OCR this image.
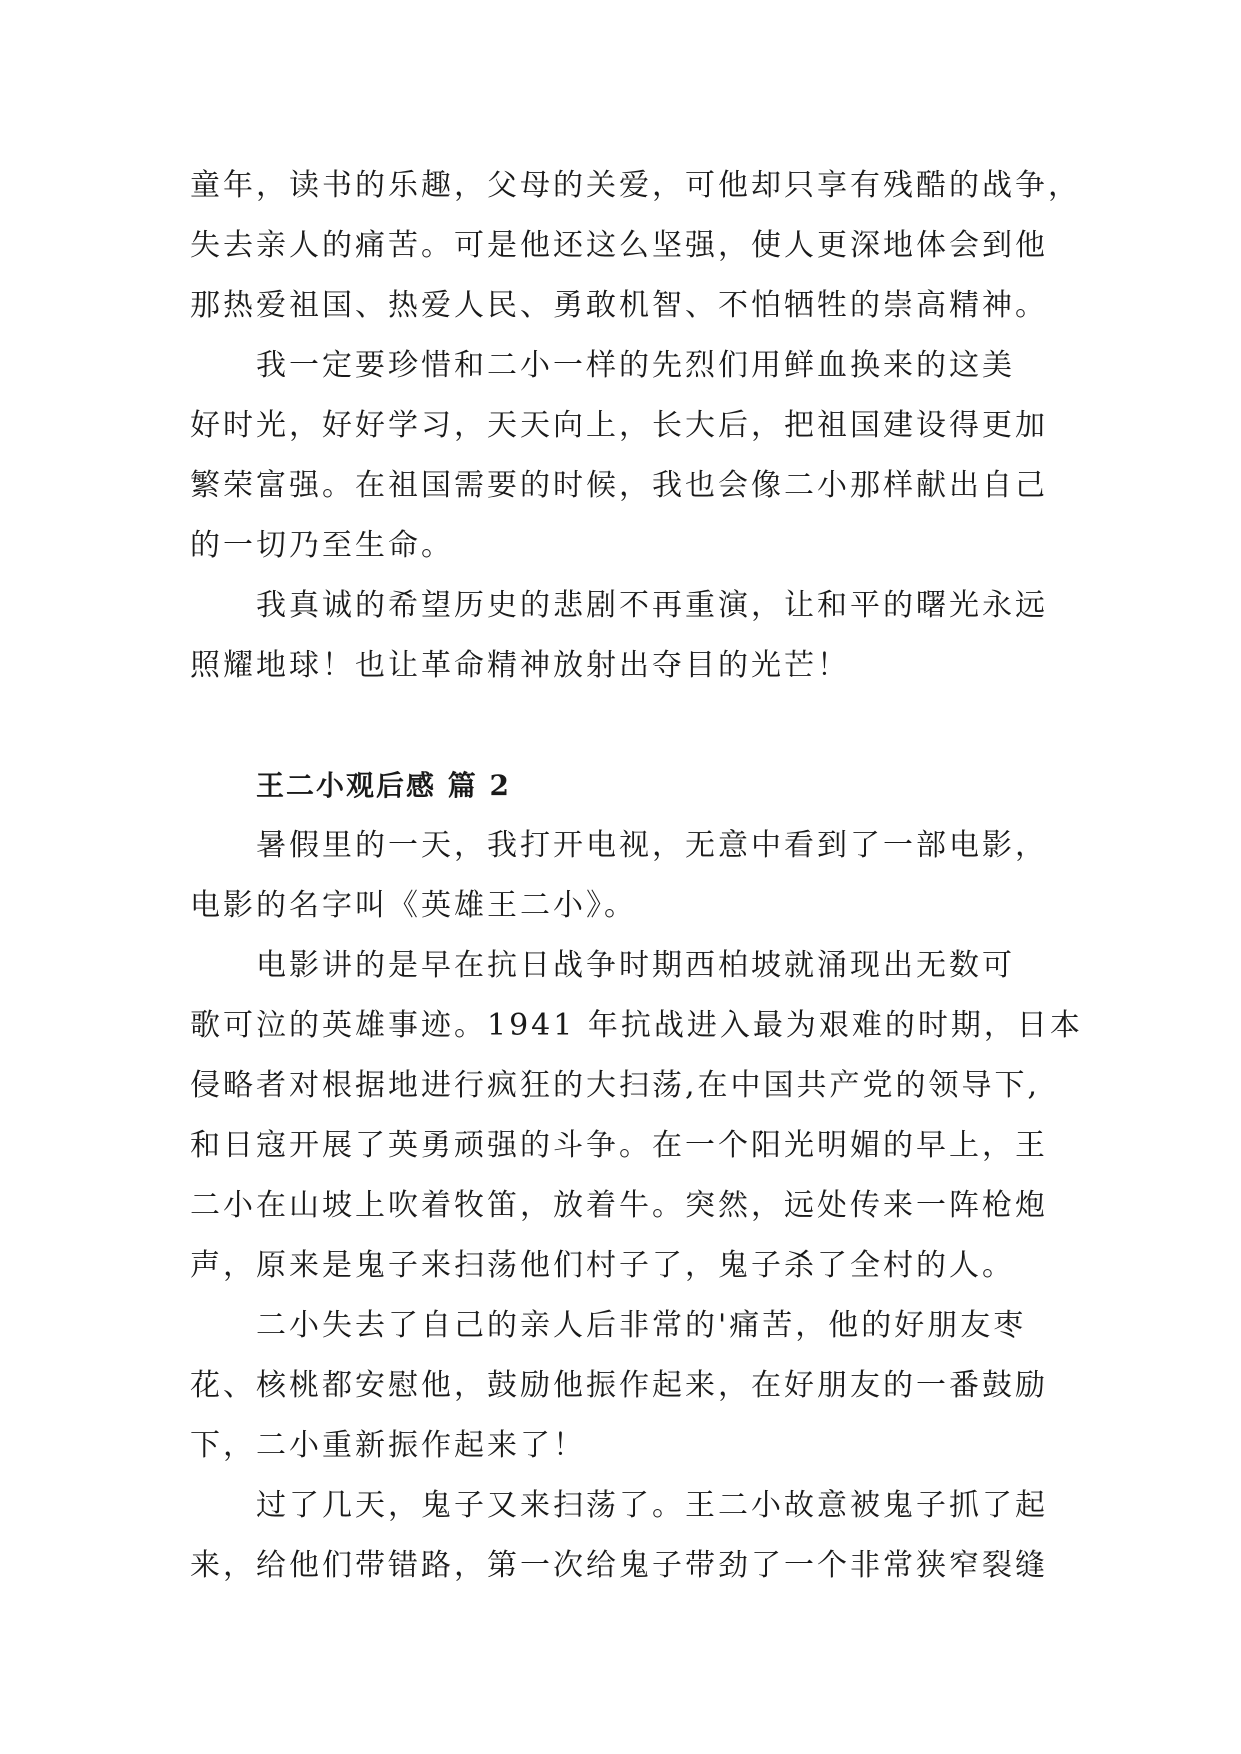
童年，读书的乐趣，父母的关爱，可他却只享有残酷的战争，
失去亲人的痛苦。可是他还这么坚强，使人更深地体会到他
那热爱祖国、热爱人民、勇敢机智、不怕牺牲的崇高精神。

我一定要珍惜和二小一样的先烈们用鲜血换来的这美
好时光，好好学习，天天向上，长大后，把祖国建设得更加
繁荣富强。在祖国需要的时候，我也会像二小那样献出自己
的一切乃至生命。

我真诚的希望历史的悲剧不再重演，让和平的曙光永远
照耀地球！也让革命精神放射出夺目的光芒！

王二小观后感 篇 2

暑假里的一天，我打开电视，无意中看到了一部电影，
电影的名字叫《英雄王二小》。

电影讲的是早在抗日战争时期西柏坡就涌现出无数可
歌可泣的英雄事迹。1941 年抗战进入最为艰难的时期，日本
侵略者对根据地进行疯狂的大扫荡,在中国共产党的领导下,
和日寇开展了英勇顽强的斗争。在一个阳光明媚的早上，王
二小在山坡上吹着牧笛，放着牛。突然，远处传来一阵枪炮
声，原来是鬼子来扫荡他们村子了，鬼子杀了全村的人。

二小失去了自己的亲人后非常的'痛苦，他的好朋友枣
花、核桃都安慰他，鼓励他振作起来，在好朋友的一番鼓励
下，二小重新振作起来了！

过了几天，鬼子又来扫荡了。王二小故意被鬼子抓了起
来，给他们带错路，第一次给鬼子带劲了一个非常狭窄裂缝
